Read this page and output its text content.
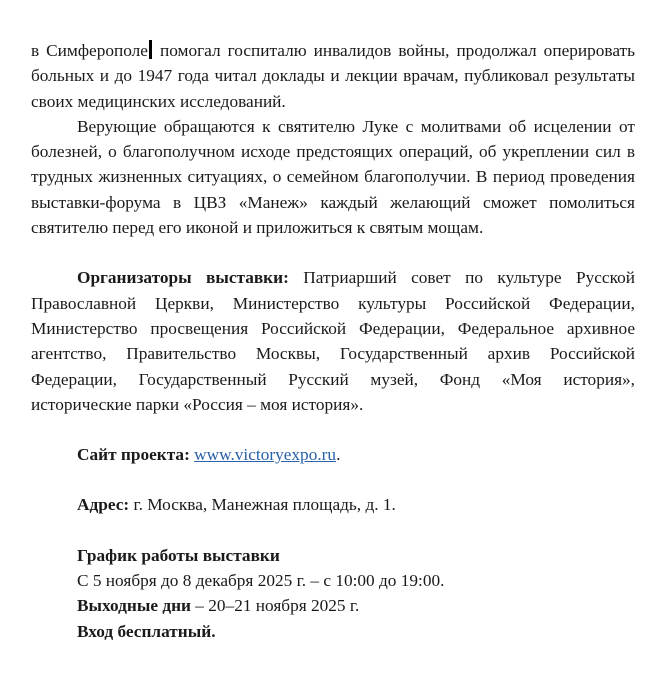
в Симферополе помогал госпиталю инвалидов войны, продолжал оперировать больных и до 1947 года читал доклады и лекции врачам, публиковал результаты своих медицинских исследований.

Верующие обращаются к святителю Луке с молитвами об исцелении от болезней, о благополучном исходе предстоящих операций, об укреплении сил в трудных жизненных ситуациях, о семейном благополучии. В период проведения выставки-форума в ЦВЗ «Манеж» каждый желающий сможет помолиться святителю перед его иконой и приложиться к святым мощам.

Организаторы выставки: Патриарший совет по культуре Русской Православной Церкви, Министерство культуры Российской Федерации, Министерство просвещения Российской Федерации, Федеральное архивное агентство, Правительство Москвы, Государственный архив Российской Федерации, Государственный Русский музей, Фонд «Моя история», исторические парки «Россия – моя история».

Сайт проекта: www.victoryexpo.ru.

Адрес: г. Москва, Манежная площадь, д. 1.

График работы выставки

С 5 ноября до 8 декабря 2025 г. – с 10:00 до 19:00.

Выходные дни – 20–21 ноября 2025 г.

Вход бесплатный.
